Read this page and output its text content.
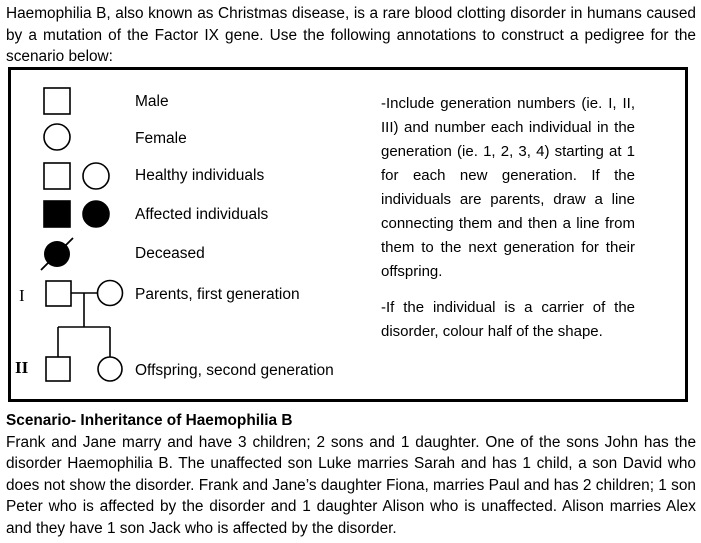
Haemophilia B, also known as Christmas disease, is a rare blood clotting disorder in humans caused by a mutation of the Factor IX gene. Use the following annotations to construct a pedigree for the scenario below:
Male
Female
Healthy individuals
Affected individuals
Deceased
Parents, first generation
Offspring, second generation
I
II

-Include generation numbers (ie. I, II, III) and number each individual in the generation (ie. 1, 2, 3, 4) starting at 1 for each new generation. If the individuals are parents, draw a line connecting them and then a line from them to the next generation for their offspring.

-If the individual is a carrier of the disorder, colour half of the shape.

Scenario- Inheritance of Haemophilia B
Frank and Jane marry and have 3 children; 2 sons and 1 daughter. One of the sons John has the disorder Haemophilia B. The unaffected son Luke marries Sarah and has 1 child, a son David who does not show the disorder. Frank and Jane’s daughter Fiona, marries Paul and has 2 children; 1 son Peter who is affected by the disorder and 1 daughter Alison who is unaffected. Alison marries Alex and they have 1 son Jack who is affected by the disorder.
